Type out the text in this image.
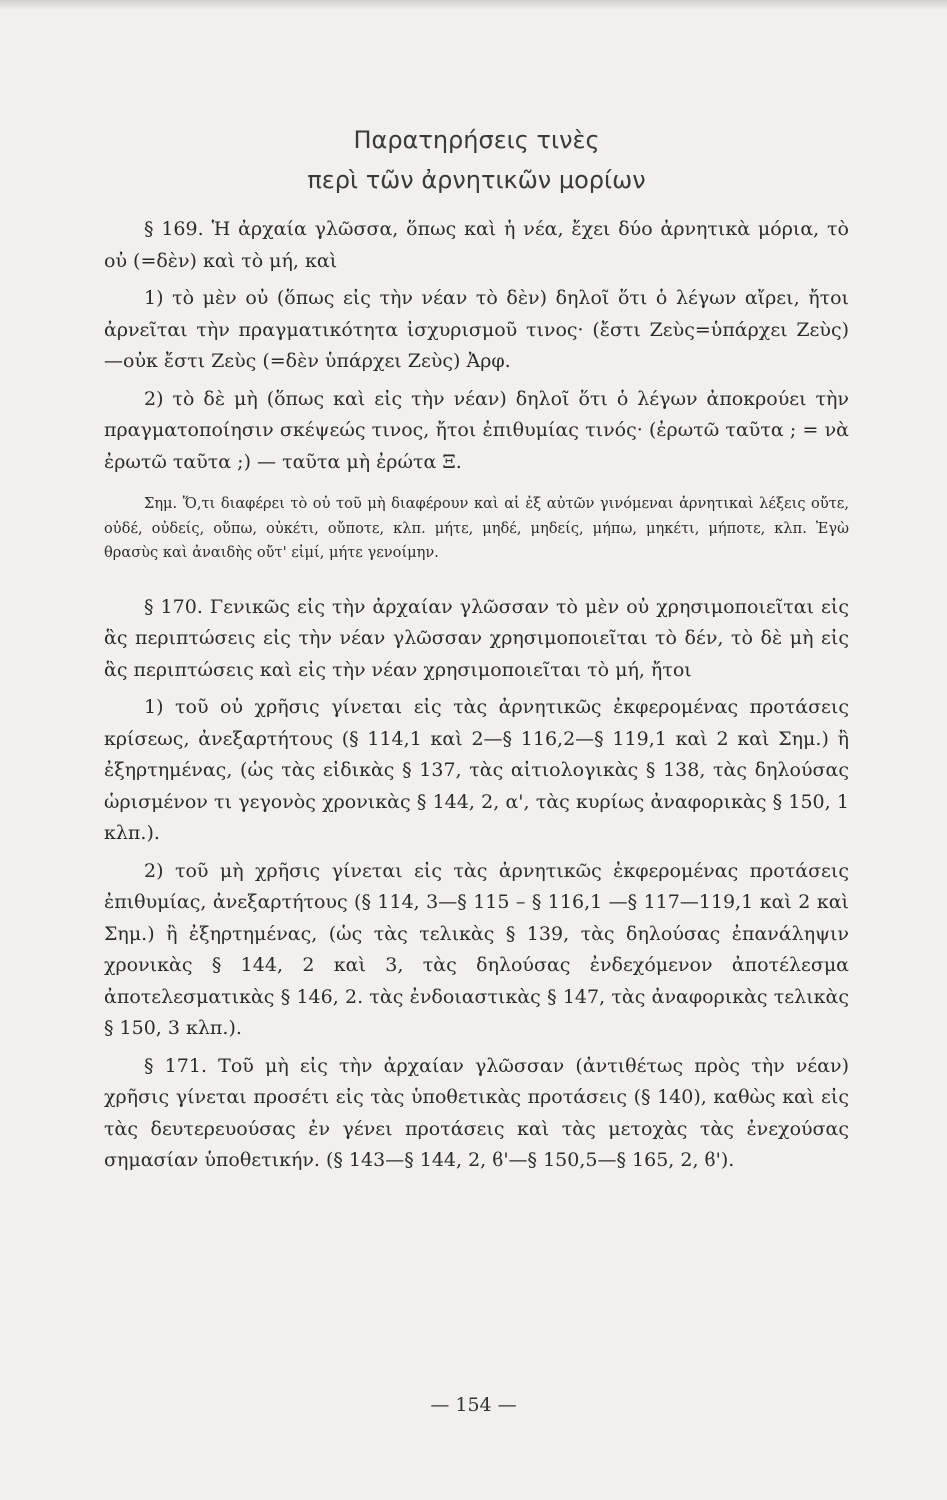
Παρατηρήσεις τινὲς
περὶ τῶν ἀρνητικῶν μορίων

§ 169. Ἡ ἀρχαία γλῶσσα, ὅπως καὶ ἡ νέα, ἔχει δύο ἀρνητικὰ μόρια, τὸ οὐ (=δὲν) καὶ τὸ μή, καὶ

1) τὸ μὲν οὐ (ὅπως εἰς τὴν νέαν τὸ δὲν) δηλοῖ ὅτι ὁ λέγων αἴρει, ἤτοι ἀρνεῖται τὴν πραγματικότητα ἰσχυρισμοῦ τινος· (ἔστι Ζεὺς=ὑπάρχει Ζεὺς)—οὐκ ἔστι Ζεὺς (=δὲν ὑπάρχει Ζεὺς) Ἀρφ.

2) τὸ δὲ μὴ (ὅπως καὶ εἰς τὴν νέαν) δηλοῖ ὅτι ὁ λέγων ἀποκρούει τὴν πραγματοποίησιν σκέψεώς τινος, ἤτοι ἐπιθυμίας τινός· (ἐρωτῶ ταῦτα ; = νὰ ἐρωτῶ ταῦτα ;) — ταῦτα μὴ ἐρώτα Ξ.

Σημ. Ὅ,τι διαφέρει τὸ οὐ τοῦ μὴ διαφέρουν καὶ αἱ ἐξ αὐτῶν γινόμεναι ἀρνητικαὶ λέξεις οὔτε, οὐδέ, οὐδείς, οὔπω, οὐκέτι, οὔποτε, κλπ. μήτε, μηδέ, μηδείς, μήπω, μηκέτι, μήποτε, κλπ. Ἐγὼ θρασὺς καὶ ἀναιδὴς οὔτ' εἰμί, μήτε γενοίμην.

§ 170. Γενικῶς εἰς τὴν ἀρχαίαν γλῶσσαν τὸ μὲν οὐ χρησιμοποιεῖται εἰς ἃς περιπτώσεις εἰς τὴν νέαν γλῶσσαν χρησιμοποιεῖται τὸ δέν, τὸ δὲ μὴ εἰς ἃς περιπτώσεις καὶ εἰς τὴν νέαν χρησιμοποιεῖται τὸ μή, ἤτοι

1) τοῦ οὐ χρῆσις γίνεται εἰς τὰς ἀρνητικῶς ἐκφερομένας προτάσεις κρίσεως, ἀνεξαρτήτους (§ 114,1 καὶ 2—§ 116,2—§ 119,1 καὶ 2 καὶ Σημ.) ἢ ἐξηρτημένας, (ὡς τὰς εἰδικὰς § 137, τὰς αἰτιολογικὰς § 138, τὰς δηλούσας ὡρισμένον τι γεγονὸς χρονικὰς § 144, 2, α', τὰς κυρίως ἀναφορικὰς § 150, 1 κλπ.).

2) τοῦ μὴ χρῆσις γίνεται εἰς τὰς ἀρνητικῶς ἐκφερομένας προτάσεις ἐπιθυμίας, ἀνεξαρτήτους (§ 114, 3—§ 115 – § 116,1 —§ 117—119,1 καὶ 2 καὶ Σημ.) ἢ ἐξηρτημένας, (ὡς τὰς τελικὰς § 139, τὰς δηλούσας ἐπανάληψιν χρονικὰς § 144, 2 καὶ 3, τὰς δηλούσας ἐνδεχόμενον ἀποτέλεσμα ἀποτελεσματικὰς § 146, 2. τὰς ἐνδοιαστικὰς § 147, τὰς ἀναφορικὰς τελικὰς § 150, 3 κλπ.).

§ 171. Τοῦ μὴ εἰς τὴν ἀρχαίαν γλῶσσαν (ἀντιθέτως πρὸς τὴν νέαν) χρῆσις γίνεται προσέτι εἰς τὰς ὑποθετικὰς προτάσεις (§ 140), καθὼς καὶ εἰς τὰς δευτερευούσας ἐν γένει προτάσεις καὶ τὰς μετοχὰς τὰς ἐνεχούσας σημασίαν ὑποθετικήν. (§ 143—§ 144, 2, ϐ'—§ 150,5—§ 165, 2, ϐ').

— 154 —
